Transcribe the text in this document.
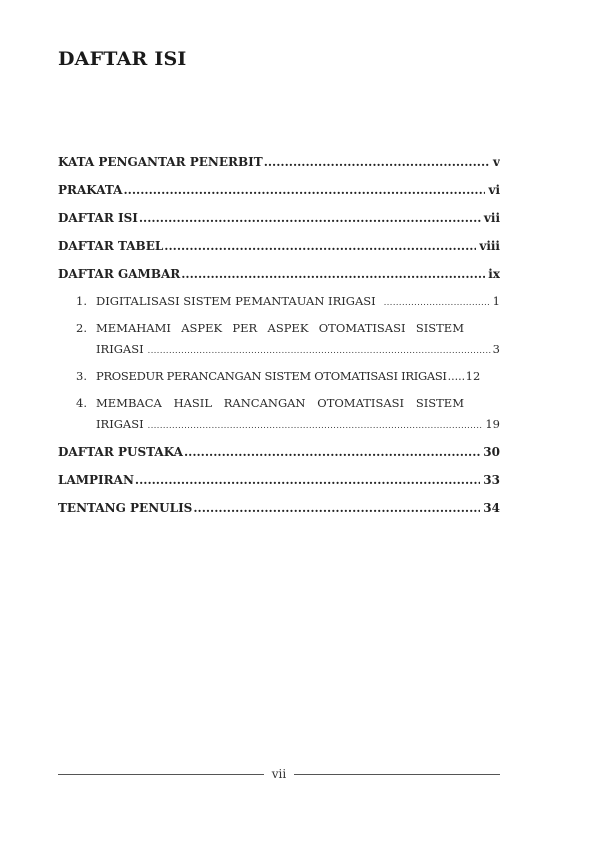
DAFTAR ISI
KATA PENGANTAR PENERBIT .....	v
PRAKATA .....	vi
DAFTAR ISI .....	vii
DAFTAR TABEL .....	viii
DAFTAR GAMBAR .....	ix
1. DIGITALISASI SISTEM PEMANTAUAN IRIGASI .....	1
2. MEMAHAMI ASPEK PER ASPEK OTOMATISASI SISTEM
IRIGASI .....	3
3. PROSEDUR PERANCANGAN SISTEM OTOMATISASI IRIGASI ..... 12
4. MEMBACA HASIL RANCANGAN OTOMATISASI SISTEM
IRIGASI .....	19
DAFTAR PUSTAKA .....	30
LAMPIRAN .....	33
TENTANG PENULIS .....	34
vii
